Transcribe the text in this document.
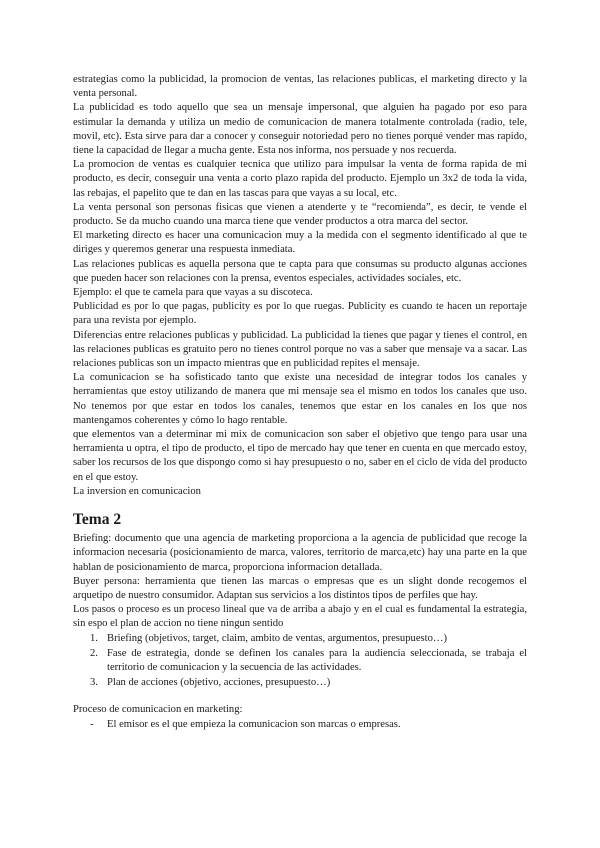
estrategias como la publicidad, la promocion de ventas, las relaciones publicas, el marketing directo y la venta personal.

La publicidad es todo aquello que sea un mensaje impersonal, que alguien ha pagado por eso para estimular la demanda y utiliza un medio de comunicacion de manera totalmente controlada (radio, tele, movil, etc). Esta sirve para dar a conocer y conseguir notoriedad pero no tienes porqué vender mas rapido, tiene la capacidad de llegar a mucha gente. Esta nos informa, nos persuade y nos recuerda.

La promocion de ventas es cualquier tecnica que utilizo para impulsar la venta de forma rapida de mi producto, es decir, conseguir una venta a corto plazo rapida del producto. Ejemplo un 3x2 de toda la vida, las rebajas, el papelito que te dan en las tascas para que vayas a su local, etc.

La venta personal son personas fisicas que vienen a atenderte y te “recomienda”, es decir, te vende el producto. Se da mucho cuando una marca tiene que vender productos a otra marca del sector.

El marketing directo es hacer una comunicacion muy a la medida con el segmento identificado al que te diriges y queremos generar una respuesta inmediata.

Las relaciones publicas es aquella persona que te capta para que consumas su producto algunas acciones que pueden hacer son relaciones con la prensa, eventos especiales, actividades sociales, etc.

Ejemplo: el que te camela para que vayas a su discoteca.

Publicidad es por lo que pagas, publicity es por lo que ruegas. Publicity es cuando te hacen un reportaje para una revista por ejemplo.

Diferencias entre relaciones publicas y publicidad. La publicidad la tienes que pagar y tienes el control, en las relaciones publicas es gratuito pero no tienes control porque no vas a saber que mensaje va a sacar. Las relaciones publicas son un impacto mientras que en publicidad repites el mensaje.

La comunicacion se ha sofisticado tanto que existe una necesidad de integrar todos los canales y herramientas que estoy utilizando de manera que mi mensaje sea el mismo en todos los canales que uso. No tenemos por que estar en todos los canales, tenemos que estar en los canales en los que nos mantengamos coherentes y cómo lo hago rentable.

que elementos van a determinar mi mix de comunicacion son saber el objetivo que tengo para usar una herramienta u optra, el tipo de producto, el tipo de mercado hay que tener en cuenta en que mercado estoy, saber los recursos de los que dispongo como si hay presupuesto o no, saber en el ciclo de vida del producto en el que estoy.

La inversion en comunicacion

Tema 2

Briefing: documento que una agencia de marketing proporciona a la agencia de publicidad que recoge la informacion necesaria (posicionamiento de marca, valores, territorio de marca,etc) hay una parte en la que hablan de posicionamiento de marca, proporciona informacion detallada.

Buyer persona: herramienta que tienen las marcas o empresas que es un slight donde recogemos el arquetipo de nuestro consumidor. Adaptan sus servicios a los distintos tipos de perfiles que hay.

Los pasos o proceso es un proceso lineal que va de arriba a abajo y en el cual es fundamental la estrategia, sin espo el plan de accion no tiene ningun sentido

1. Briefing (objetivos, target, claim, ambito de ventas, argumentos, presupuesto…)
2. Fase de estrategia, donde se definen los canales para la audiencia seleccionada, se trabaja el territorio de comunicacion y la secuencia de las actividades.
3. Plan de acciones (objetivo, acciones, presupuesto…)

Proceso de comunicacion en marketing:

-	El emisor es el que empieza la comunicacion son marcas o empresas.
